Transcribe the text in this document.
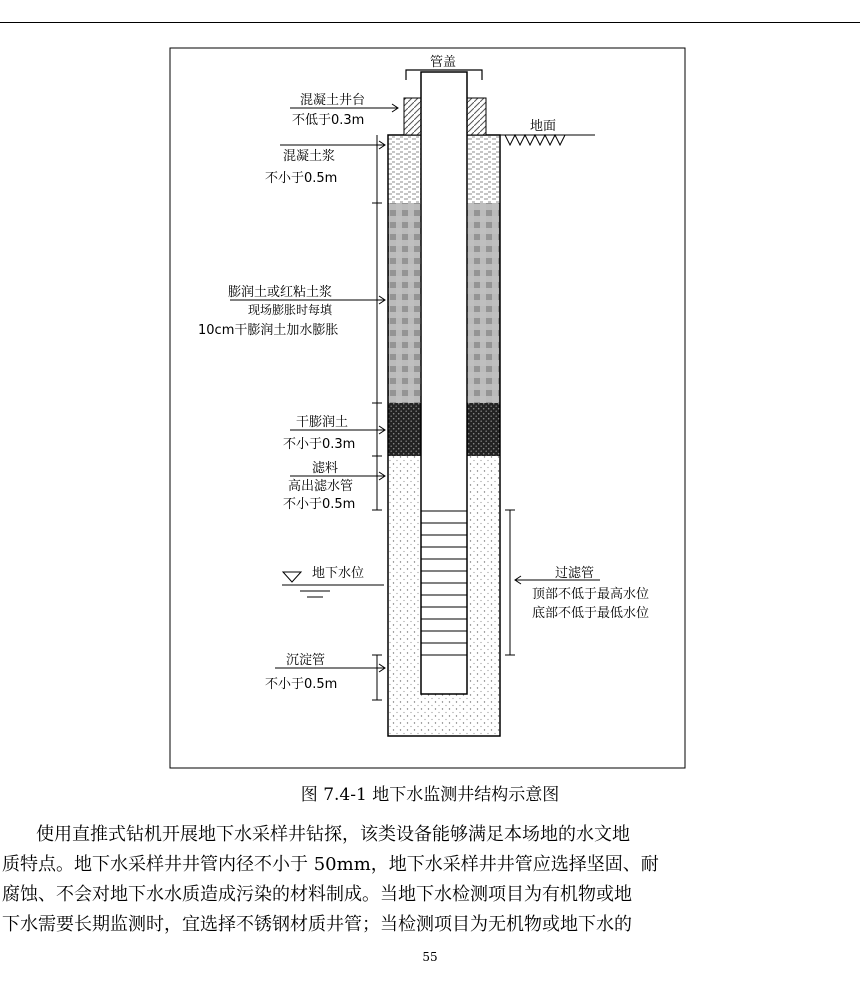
管盖
地面
混凝土井台
不低于0.3m
混凝土浆
不小于0.5m
膨润土或红粘土浆
现场膨胀时每填
10cm干膨润土加水膨胀
干膨润土
不小于0.3m
滤料
高出滤水管
不小于0.5m
地下水位	过滤管
顶部不低于最高水位
底部不低于最低水位
沉淀管
不小于0.5m
图 7.4-1 地下水监测井结构示意图
使用直推式钻机开展地下水采样井钻探，该类设备能够满足本场地的水文地
质特点。地下水采样井井管内径不小于 50mm，地下水采样井井管应选择坚固、耐
腐蚀、不会对地下水水质造成污染的材料制成。当地下水检测项目为有机物或地
下水需要长期监测时，宜选择不锈钢材质井管；当检测项目为无机物或地下水的
55
